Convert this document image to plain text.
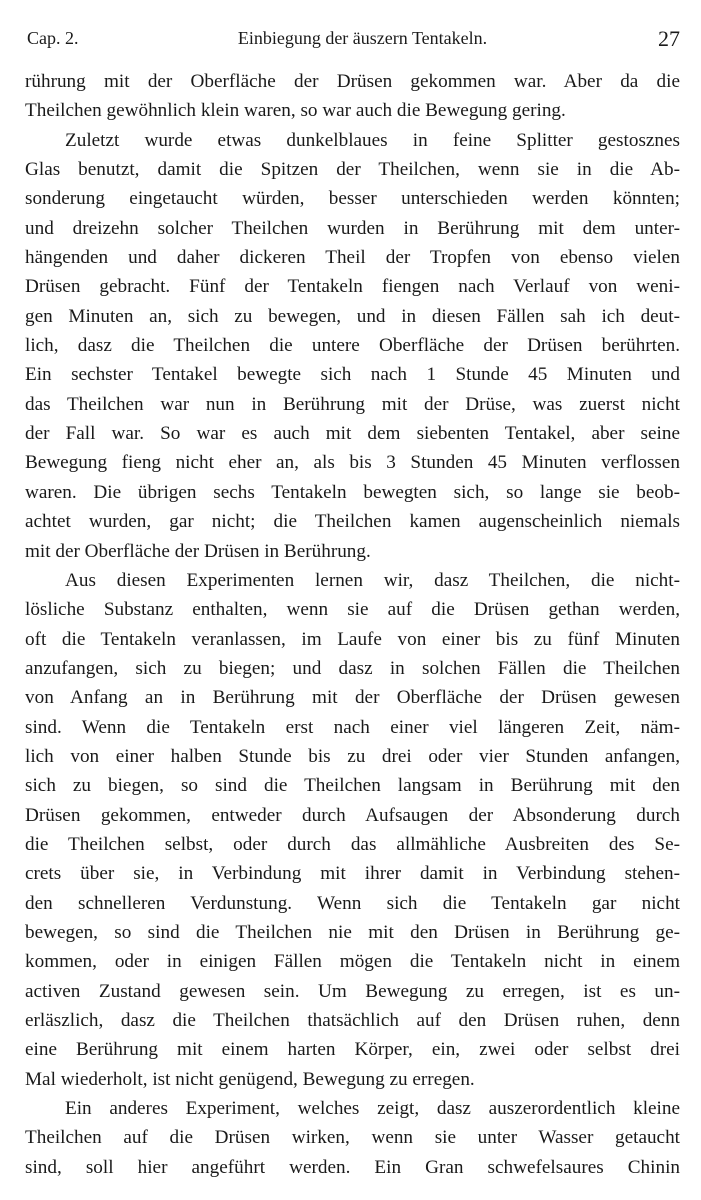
Cap. 2.	Einbiegung der äuszern Tentakeln.	27

rührung mit der Oberfläche der Drüsen gekommen war. Aber da die
Theilchen gewöhnlich klein waren, so war auch die Bewegung gering.

Zuletzt wurde etwas dunkelblaues in feine Splitter gestosznes
Glas benutzt, damit die Spitzen der Theilchen, wenn sie in die Ab-
sonderung eingetaucht würden, besser unterschieden werden könnten;
und dreizehn solcher Theilchen wurden in Berührung mit dem unter-
hängenden und daher dickeren Theil der Tropfen von ebenso vielen
Drüsen gebracht. Fünf der Tentakeln fiengen nach Verlauf von weni-
gen Minuten an, sich zu bewegen, und in diesen Fällen sah ich deut-
lich, dasz die Theilchen die untere Oberfläche der Drüsen berührten.
Ein sechster Tentakel bewegte sich nach 1 Stunde 45 Minuten und
das Theilchen war nun in Berührung mit der Drüse, was zuerst nicht
der Fall war. So war es auch mit dem siebenten Tentakel, aber seine
Bewegung fieng nicht eher an, als bis 3 Stunden 45 Minuten verflossen
waren. Die übrigen sechs Tentakeln bewegten sich, so lange sie beob-
achtet wurden, gar nicht; die Theilchen kamen augenscheinlich niemals
mit der Oberfläche der Drüsen in Berührung.

Aus diesen Experimenten lernen wir, dasz Theilchen, die nicht-
lösliche Substanz enthalten, wenn sie auf die Drüsen gethan werden,
oft die Tentakeln veranlassen, im Laufe von einer bis zu fünf Minuten
anzufangen, sich zu biegen; und dasz in solchen Fällen die Theilchen
von Anfang an in Berührung mit der Oberfläche der Drüsen gewesen
sind. Wenn die Tentakeln erst nach einer viel längeren Zeit, näm-
lich von einer halben Stunde bis zu drei oder vier Stunden anfangen,
sich zu biegen, so sind die Theilchen langsam in Berührung mit den
Drüsen gekommen, entweder durch Aufsaugen der Absonderung durch
die Theilchen selbst, oder durch das allmähliche Ausbreiten des Se-
crets über sie, in Verbindung mit ihrer damit in Verbindung stehen-
den schnelleren Verdunstung. Wenn sich die Tentakeln gar nicht
bewegen, so sind die Theilchen nie mit den Drüsen in Berührung ge-
kommen, oder in einigen Fällen mögen die Tentakeln nicht in einem
activen Zustand gewesen sein. Um Bewegung zu erregen, ist es un-
erläszlich, dasz die Theilchen thatsächlich auf den Drüsen ruhen, denn
eine Berührung mit einem harten Körper, ein, zwei oder selbst drei
Mal wiederholt, ist nicht genügend, Bewegung zu erregen.

Ein anderes Experiment, welches zeigt, dasz auszerordentlich kleine
Theilchen auf die Drüsen wirken, wenn sie unter Wasser getaucht
sind, soll hier angeführt werden. Ein Gran schwefelsaures Chinin
